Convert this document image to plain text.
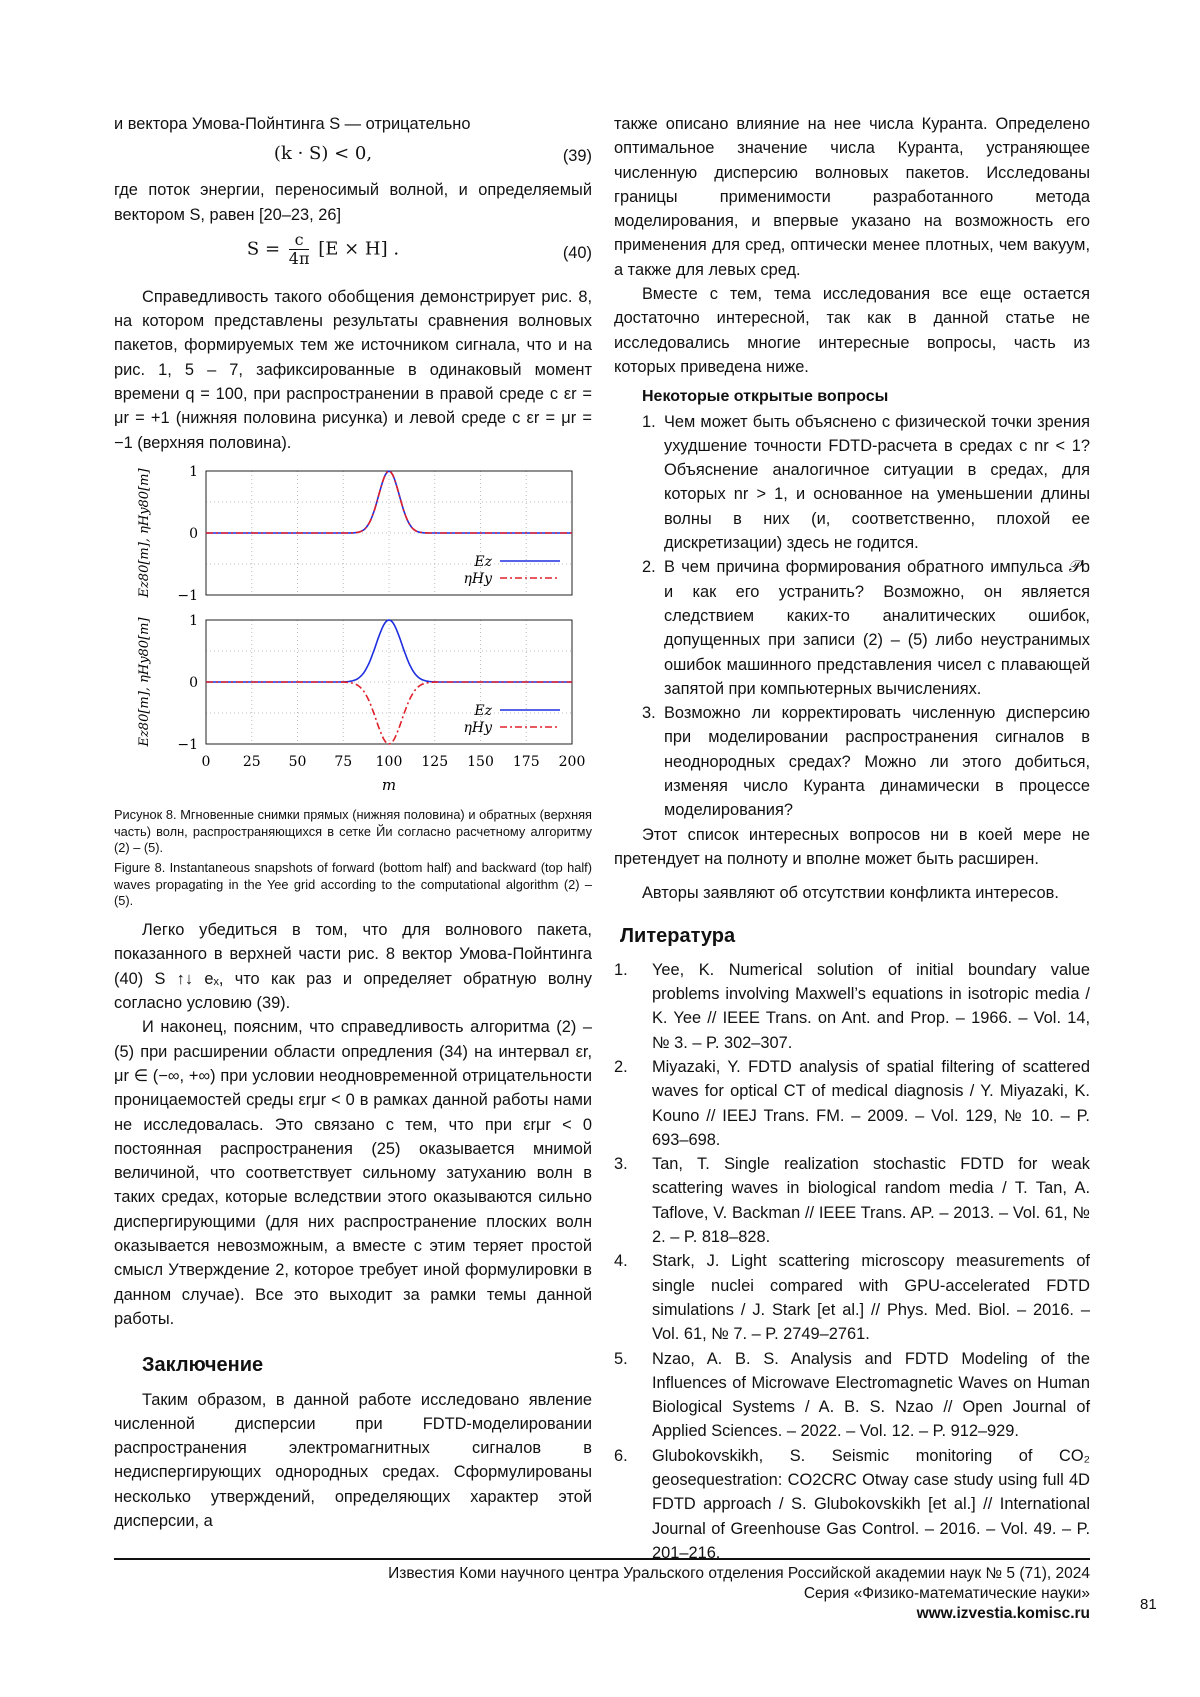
и вектора Умова-Пойнтинга S — отрицательно

(k · S) < 0,	(39)

где поток энергии, переносимый волной, и определяемый вектором S, равен [20–23, 26]

$S = \frac{c}{4\pi} [E \times H]$ .	(40)

Справедливость такого обобщения демонстрирует рис. 8, на котором представлены результаты сравнения волновых пакетов, формируемых тем же источником сигнала, что и на рис. 1, 5 – 7, зафиксированные в одинаковый момент времени q = 100, при распространении в правой среде с εr = μr = +1 (нижняя половина рисунка) и левой среде с εr = μr = −1 (верхняя половина).

1
0
−1
Ez80[m], ηHy80[m]	Ez
ηHy
1
0
−1
Ez80[m], ηHy80[m]	Ez
ηHy
0 25 50 75 100 125 150 175 200
m

Рисунок 8. Мгновенные снимки прямых (нижняя половина) и обратных (верхняя часть) волн, распространяющихся в сетке Йи согласно расчетному алгоритму (2) – (5).

Figure 8. Instantaneous snapshots of forward (bottom half) and backward (top half) waves propagating in the Yee grid according to the computational algorithm (2) – (5).

Легко убедиться в том, что для волнового пакета, показанного в верхней части рис. 8 вектор Умова-Пойнтинга (40) S ↑↓ eₓ, что как раз и определяет обратную волну согласно условию (39).

И наконец, поясним, что справедливость алгоритма (2) – (5) при расширении области опредления (34) на интервал εr, μr ∈ (−∞, +∞) при условии неодновременной отрицательности проницаемостей среды εrμr < 0 в рамках данной работы нами не исследовалась. Это связано с тем, что при εrμr < 0 постоянная распространения (25) оказывается мнимой величиной, что соответствует сильному затуханию волн в таких средах, которые вследствии этого оказываются сильно диспергирующими (для них распространение плоских волн оказывается невозможным, а вместе с этим теряет простой смысл Утверждение 2, которое требует иной формулировки в данном случае). Все это выходит за рамки темы данной работы.

Заключение

Таким образом, в данной работе исследовано явление численной дисперсии при FDTD-моделировании распространения электромагнитных сигналов в недиспергирующих однородных средах. Сформулированы несколько утверждений, определяющих характер этой дисперсии, а

также описано влияние на нее числа Куранта. Определено оптимальное значение числа Куранта, устраняющее численную дисперсию волновых пакетов. Исследованы границы применимости разработанного метода моделирования, и впервые указано на возможность его применения для сред, оптически менее плотных, чем вакуум, а также для левых сред.

Вместе с тем, тема исследования все еще остается достаточно интересной, так как в данной статье не исследовались многие интересные вопросы, часть из которых приведена ниже.

Некоторые открытые вопросы
1. Чем может быть объяснено с физической точки зрения ухудшение точности FDTD-расчета в средах с nr < 1? Объяснение аналогичное ситуации в средах, для которых nr > 1, и основанное на уменьшении длины волны в них (и, соответственно, плохой ее дискретизации) здесь не годится.
2. В чем причина формирования обратного импульса 𝒫b и как его устранить? Возможно, он является следствием каких-то аналитических ошибок, допущенных при записи (2) – (5) либо неустранимых ошибок машинного представления чисел с плавающей запятой при компьютерных вычислениях.
3. Возможно ли корректировать численную дисперсию при моделировании распространения сигналов в неоднородных средах? Можно ли этого добиться, изменяя число Куранта динамически в процессе моделирования?

Этот список интересных вопросов ни в коей мере не претендует на полноту и вполне может быть расширен.

Авторы заявляют об отсутствии конфликта интересов.

Литература
1. Yee, K. Numerical solution of initial boundary value problems involving Maxwell’s equations in isotropic media / K. Yee // IEEE Trans. on Ant. and Prop. – 1966. – Vol. 14, № 3. – P. 302–307.
2. Miyazaki, Y. FDTD analysis of spatial filtering of scattered waves for optical CT of medical diagnosis / Y. Miyazaki, K. Kouno // IEEJ Trans. FM. – 2009. – Vol. 129, № 10. – P. 693–698.
3. Tan, T. Single realization stochastic FDTD for weak scattering waves in biological random media / T. Tan, A. Taflove, V. Backman // IEEE Trans. AP. – 2013. – Vol. 61, № 2. – P. 818–828.
4. Stark, J. Light scattering microscopy measurements of single nuclei compared with GPU-accelerated FDTD simulations / J. Stark [et al.] // Phys. Med. Biol. – 2016. – Vol. 61, № 7. – P. 2749–2761.
5. Nzao, A. B. S. Analysis and FDTD Modeling of the Influences of Microwave Electromagnetic Waves on Human Biological Systems / A. B. S. Nzao // Open Journal of Applied Sciences. – 2022. – Vol. 12. – P. 912–929.
6. Glubokovskikh, S. Seismic monitoring of CO₂ geosequestration: CO2CRC Otway case study using full 4D FDTD approach / S. Glubokovskikh [et al.] // International Journal of Greenhouse Gas Control. – 2016. – Vol. 49. – P. 201–216.
Известия Коми научного центра Уральского отделения Российской академии наук № 5 (71), 2024
Серия «Физико-математические науки»
www.izvestia.komisc.ru
81
